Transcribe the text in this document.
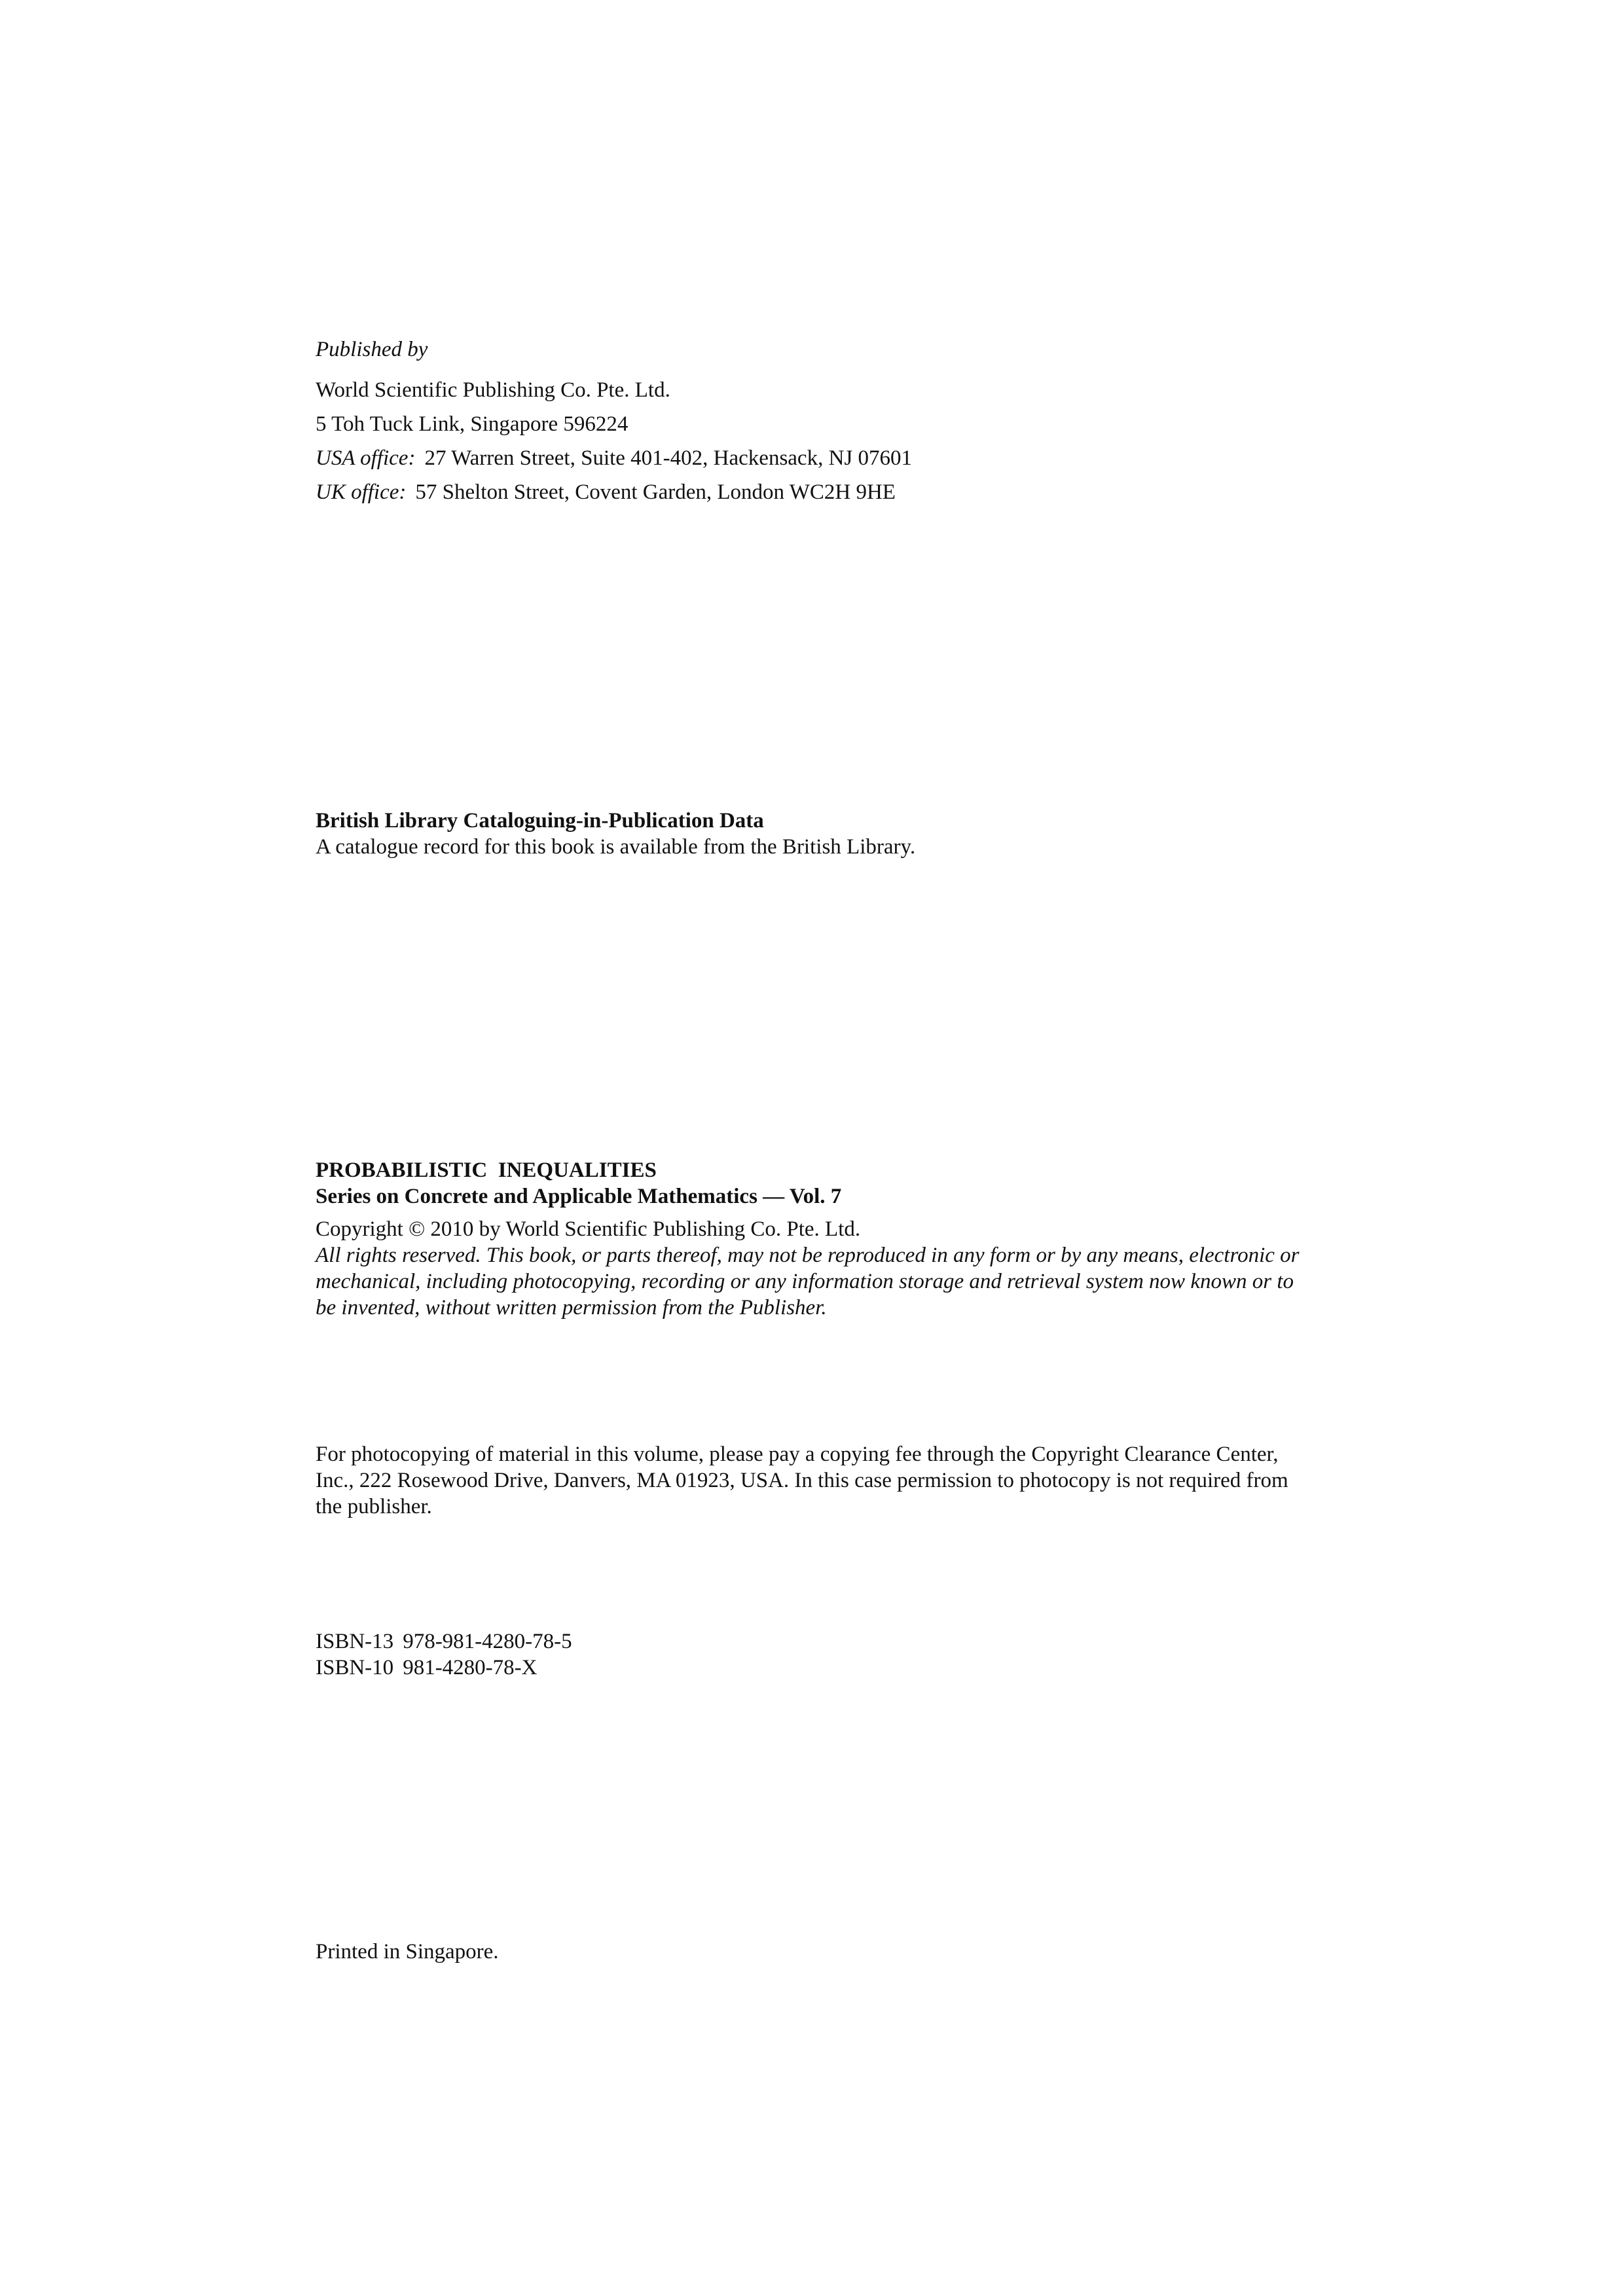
Published by
World Scientific Publishing Co. Pte. Ltd.
5 Toh Tuck Link, Singapore 596224
USA office: 27 Warren Street, Suite 401-402, Hackensack, NJ 07601
UK office: 57 Shelton Street, Covent Garden, London WC2H 9HE
British Library Cataloguing-in-Publication Data
A catalogue record for this book is available from the British Library.
PROBABILISTIC  INEQUALITIES
Series on Concrete and Applicable Mathematics — Vol. 7
Copyright © 2010 by World Scientific Publishing Co. Pte. Ltd.
All rights reserved. This book, or parts thereof, may not be reproduced in any form or by any means, electronic or mechanical, including photocopying, recording or any information storage and retrieval system now known or to be invented, without written permission from the Publisher.
For photocopying of material in this volume, please pay a copying fee through the Copyright Clearance Center, Inc., 222 Rosewood Drive, Danvers, MA 01923, USA. In this case permission to photocopy is not required from the publisher.
ISBN-13 978-981-4280-78-5
ISBN-10 981-4280-78-X
Printed in Singapore.
